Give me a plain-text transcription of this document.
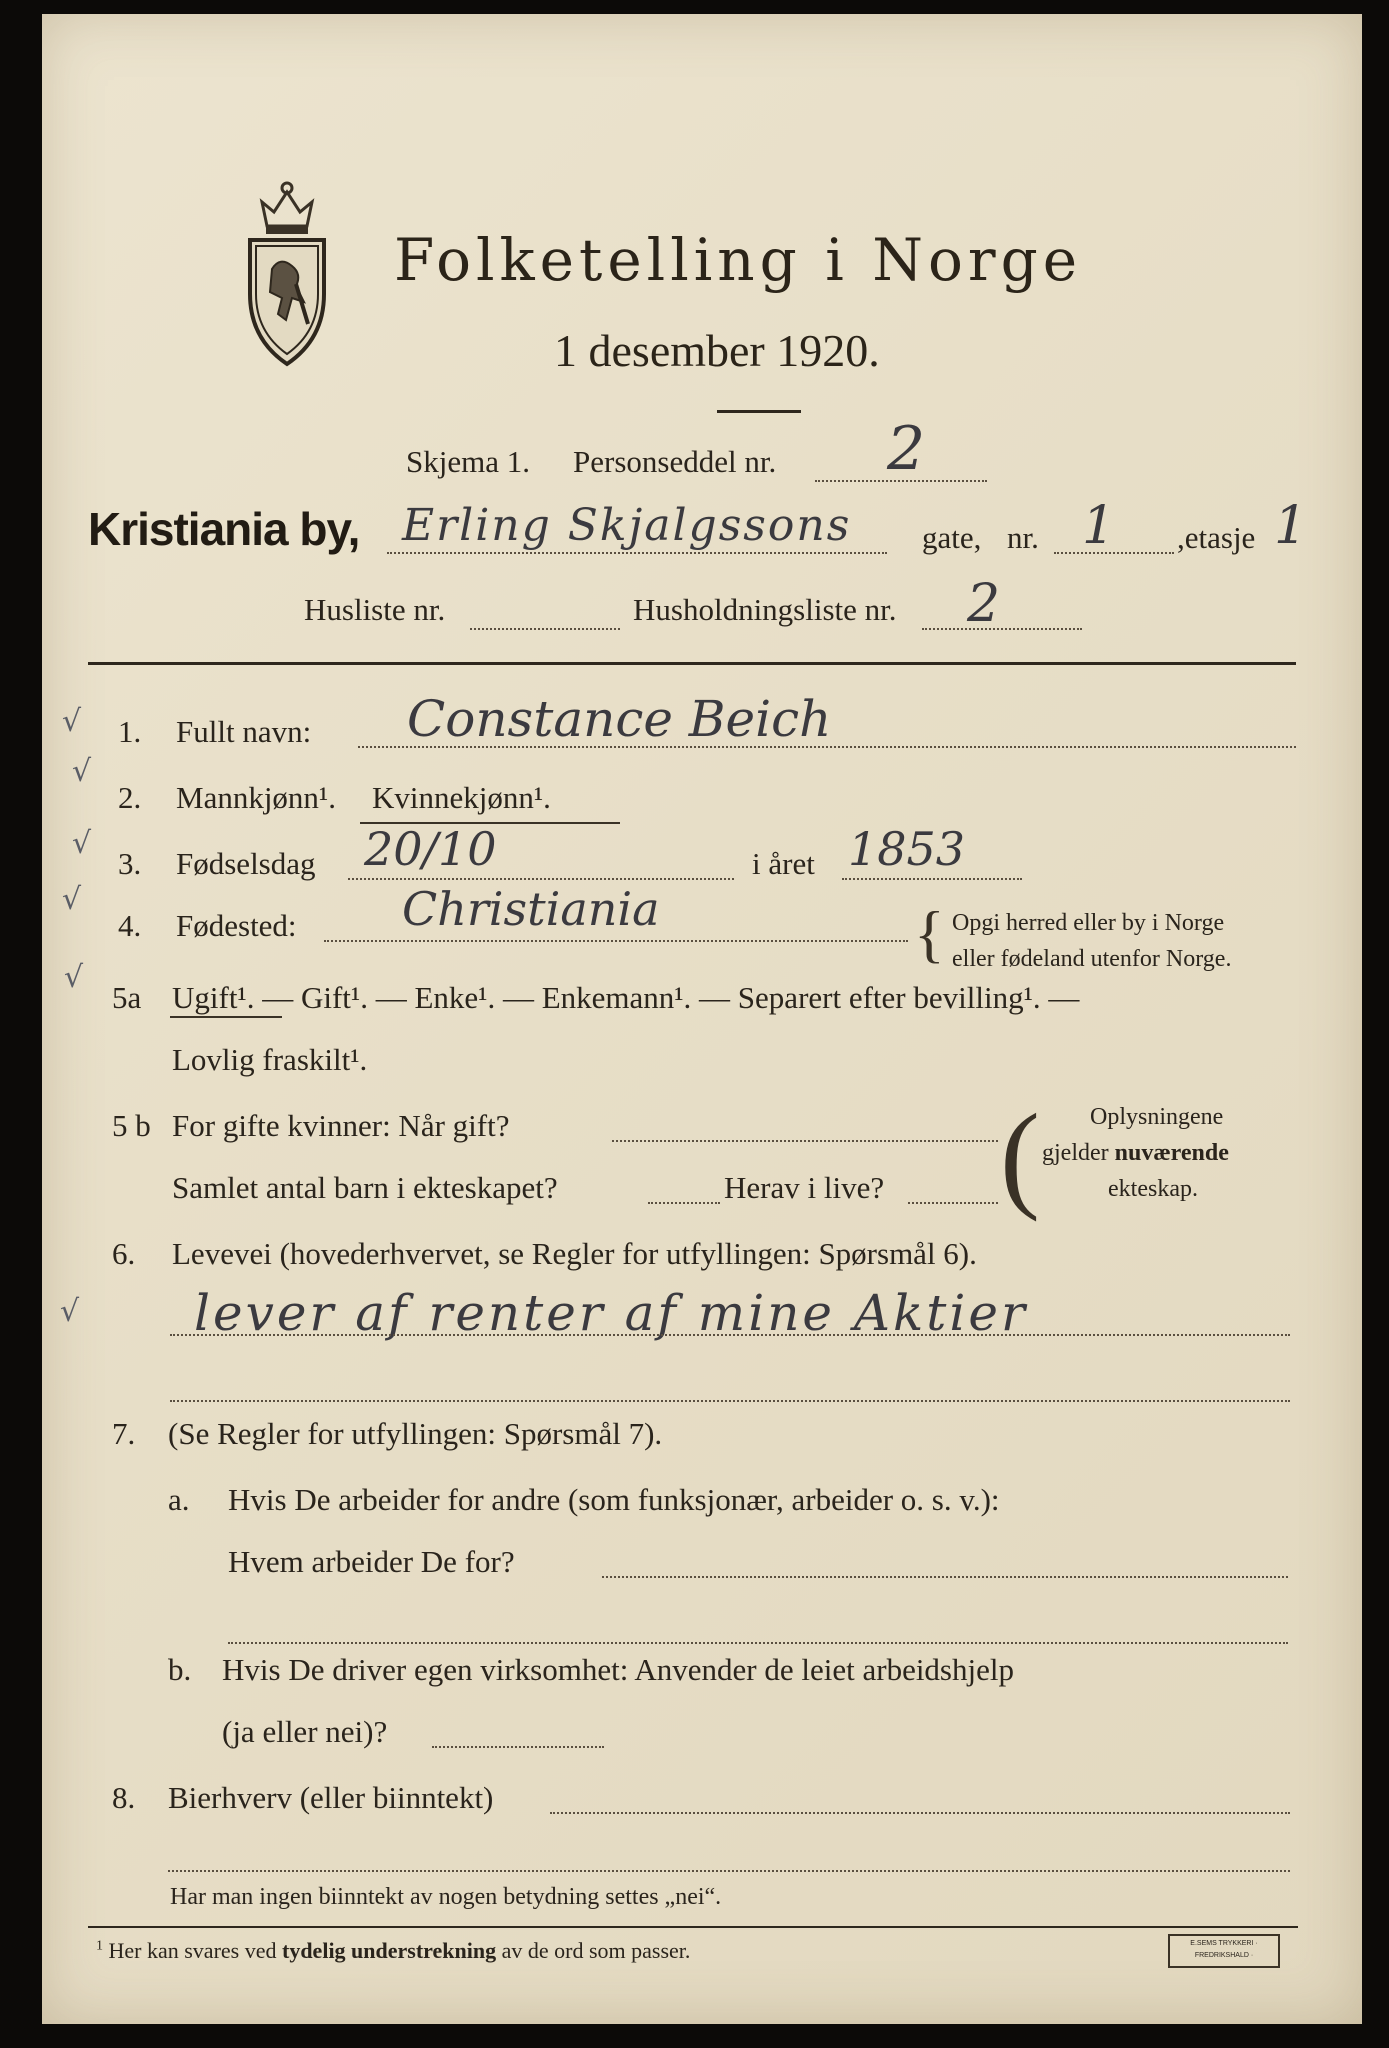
Folketelling i Norge
1 desember 1920.
Skjema 1. Personseddel nr. 2
Kristiania by, Erling Skjalgssons gate, nr. 1 ,etasje 1
Husliste nr.	Husholdningsliste nr. 2
√
√
√
√
√
√
1. Fullt navn: Constance Beich
2. Mannkjønn¹. Kvinnekjønn¹.
3. Fødselsdag 20/10	i året 1853
4. Fødested: Christiania	{ Opgi herred eller by i Norge
eller fødeland utenfor Norge.
5a Ugift¹. — Gift¹. — Enke¹. — Enkemann¹. — Separert efter bevilling¹. —
Lovlig fraskilt¹.
5 b For gifte kvinner: Når gift?
Samlet antal barn i ekteskapet?	Herav i live? ( Oplysningene
gjelder nuværende
ekteskap.
6. Levevei (hovederhvervet, se Regler for utfyllingen: Spørsmål 6).
lever af renter af mine Aktier
7. (Se Regler for utfyllingen: Spørsmål 7).
a. Hvis De arbeider for andre (som funksjonær, arbeider o. s. v.):
Hvem arbeider De for?
b. Hvis De driver egen virksomhet: Anvender de leiet arbeidshjelp
(ja eller nei)?
8. Bierhverv (eller biinntekt)
Har man ingen biinntekt av nogen betydning settes „nei“.
$^1$ Her kan svares ved tydelig understrekning av de ord som passer.	E.SEMS TRYKKERI · FREDRIKSHALD ·
